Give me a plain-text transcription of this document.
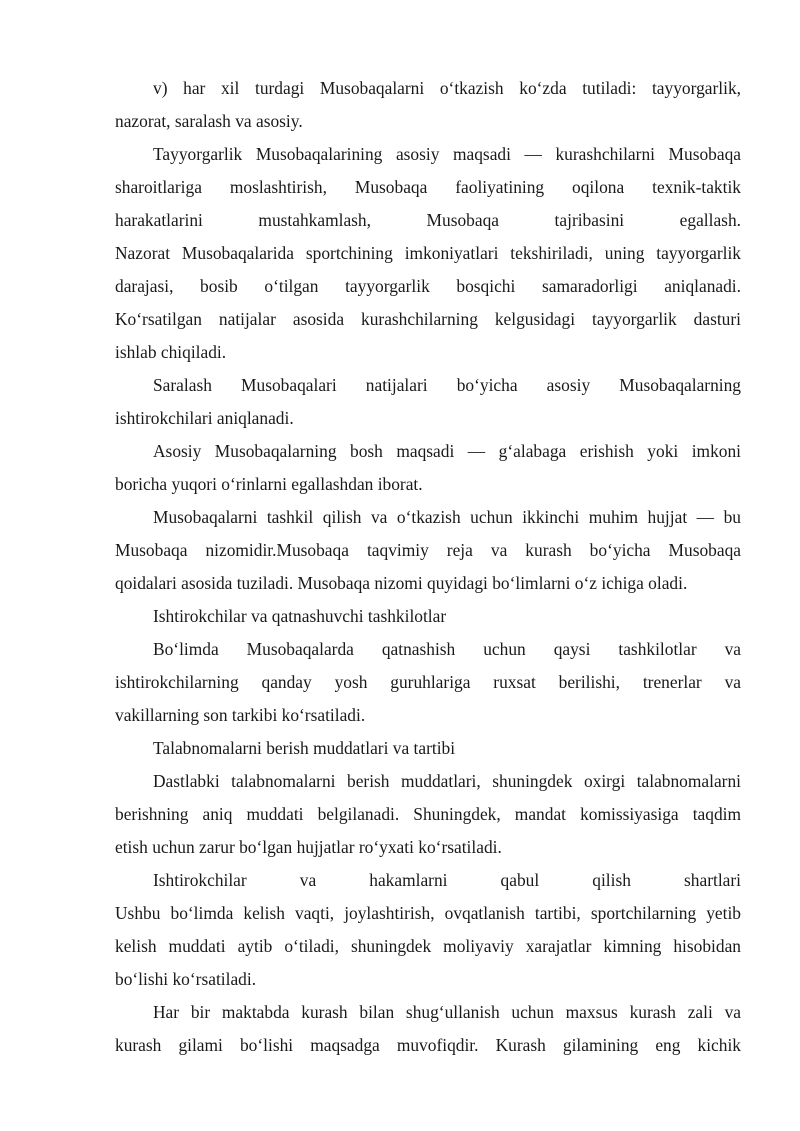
v) har xil turdagi Musobaqalarni o‘tkazish ko‘zda tutiladi: tayyorgarlik,

nazorat, saralash va asosiy.

Tayyorgarlik Musobaqalarining asosiy maqsadi — kurashchilarni Musobaqa

sharoitlariga moslashtirish, Musobaqa faoliyatining oqilona texnik-taktik

harakatlarini mustahkamlash, Musobaqa tajribasini egallash.

Nazorat Musobaqalarida sportchining imkoniyatlari tekshiriladi, uning tayyorgarlik

darajasi, bosib o‘tilgan tayyorgarlik bosqichi samaradorligi aniqlanadi.

Ko‘rsatilgan natijalar asosida kurashchilarning kelgusidagi tayyorgarlik dasturi

ishlab chiqiladi.

Saralash Musobaqalari natijalari bo‘yicha asosiy Musobaqalarning

ishtirokchilari aniqlanadi.

Asosiy Musobaqalarning bosh maqsadi — g‘alabaga erishish yoki imkoni

boricha yuqori o‘rinlarni egallashdan iborat.

Musobaqalarni tashkil qilish va o‘tkazish uchun ikkinchi muhim hujjat — bu

Musobaqa nizomidir.Musobaqa taqvimiy reja va kurash bo‘yicha Musobaqa

qoidalari asosida tuziladi. Musobaqa nizomi quyidagi bo‘limlarni o‘z ichiga oladi.

Ishtirokchilar va qatnashuvchi tashkilotlar

Bo‘limda Musobaqalarda qatnashish uchun qaysi tashkilotlar va

ishtirokchilarning qanday yosh guruhlariga ruxsat berilishi, trenerlar va

vakillarning son tarkibi ko‘rsatiladi.

Talabnomalarni berish muddatlari va tartibi

Dastlabki talabnomalarni berish muddatlari, shuningdek oxirgi talabnomalarni

berishning aniq muddati belgilanadi. Shuningdek, mandat komissiyasiga taqdim

etish uchun zarur bo‘lgan hujjatlar ro‘yxati ko‘rsatiladi.

Ishtirokchilar va hakamlarni qabul qilish shartlari

Ushbu bo‘limda kelish vaqti, joylashtirish, ovqatlanish tartibi, sportchilarning yetib

kelish muddati aytib o‘tiladi, shuningdek moliyaviy xarajatlar kimning hisobidan

bo‘lishi ko‘rsatiladi.

Har bir maktabda kurash bilan shug‘ullanish uchun maxsus kurash zali va

kurash gilami bo‘lishi maqsadga muvofiqdir. Kurash gilamining eng kichik
